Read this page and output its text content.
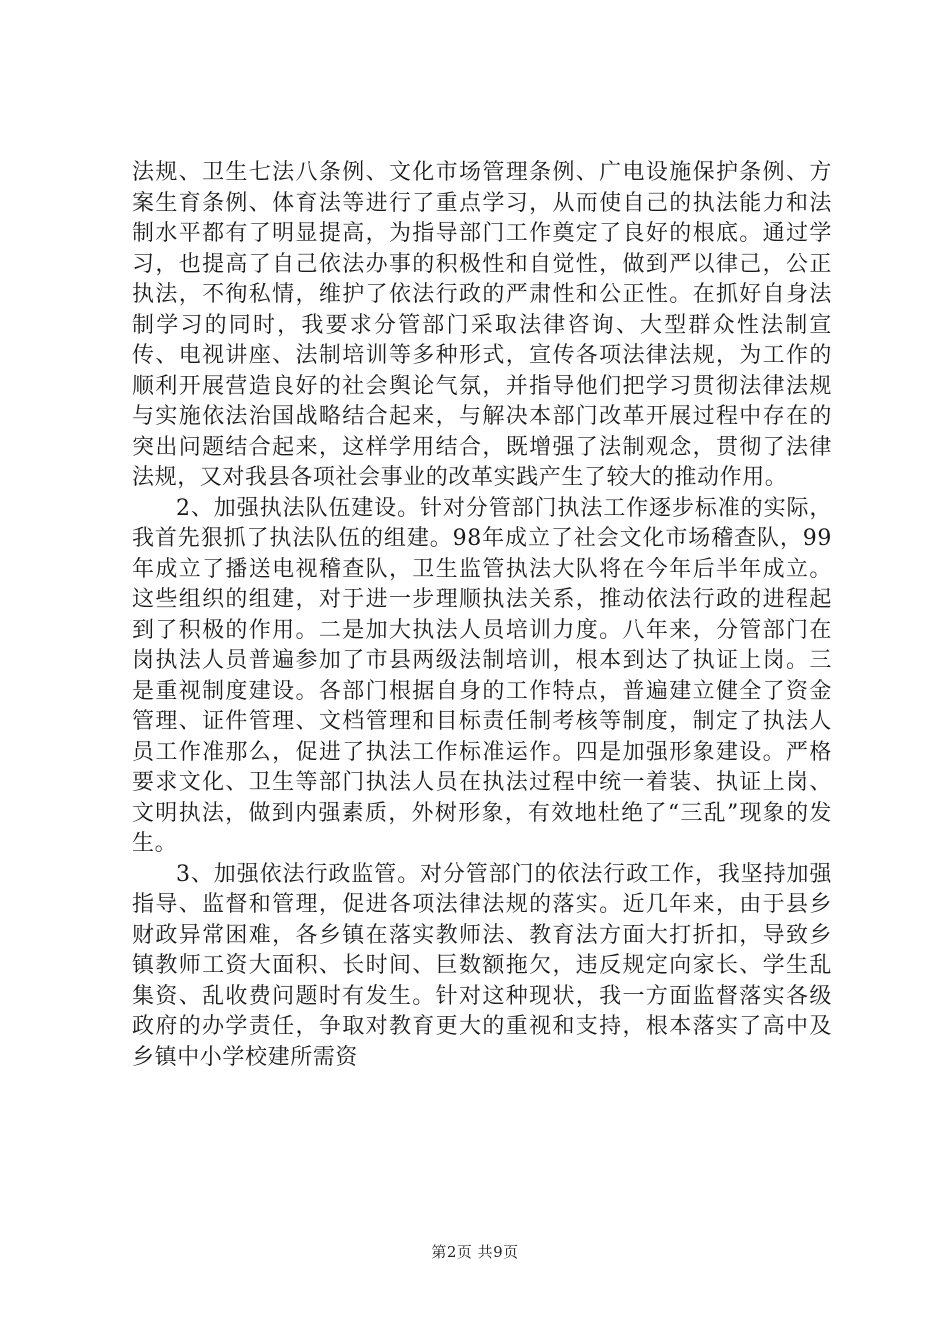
法规、卫生七法八条例、文化市场管理条例、广电设施保护条例、方案生育条例、体育法等进行了重点学习，从而使自己的执法能力和法制水平都有了明显提高，为指导部门工作奠定了良好的根底。通过学习，也提高了自己依法办事的积极性和自觉性，做到严以律己，公正执法，不徇私情，维护了依法行政的严肃性和公正性。在抓好自身法制学习的同时，我要求分管部门采取法律咨询、大型群众性法制宣传、电视讲座、法制培训等多种形式，宣传各项法律法规，为工作的顺利开展营造良好的社会舆论气氛，并指导他们把学习贯彻法律法规与实施依法治国战略结合起来，与解决本部门改革开展过程中存在的突出问题结合起来，这样学用结合，既增强了法制观念，贯彻了法律法规，又对我县各项社会事业的改革实践产生了较大的推动作用。

2、加强执法队伍建设。针对分管部门执法工作逐步标准的实际，我首先狠抓了执法队伍的组建。98年成立了社会文化市场稽查队，99年成立了播送电视稽查队，卫生监管执法大队将在今年后半年成立。这些组织的组建，对于进一步理顺执法关系，推动依法行政的进程起到了积极的作用。二是加大执法人员培训力度。八年来，分管部门在岗执法人员普遍参加了市县两级法制培训，根本到达了执证上岗。三是重视制度建设。各部门根据自身的工作特点，普遍建立健全了资金管理、证件管理、文档管理和目标责任制考核等制度，制定了执法人员工作准那么，促进了执法工作标准运作。四是加强形象建设。严格要求文化、卫生等部门执法人员在执法过程中统一着装、执证上岗、文明执法，做到内强素质，外树形象，有效地杜绝了“三乱”现象的发生。

3、加强依法行政监管。对分管部门的依法行政工作，我坚持加强指导、监督和管理，促进各项法律法规的落实。近几年来，由于县乡财政异常困难，各乡镇在落实教师法、教育法方面大打折扣，导致乡镇教师工资大面积、长时间、巨数额拖欠，违反规定向家长、学生乱集资、乱收费问题时有发生。针对这种现状，我一方面监督落实各级政府的办学责任，争取对教育更大的重视和支持，根本落实了高中及乡镇中小学校建所需资

第2页 共9页
